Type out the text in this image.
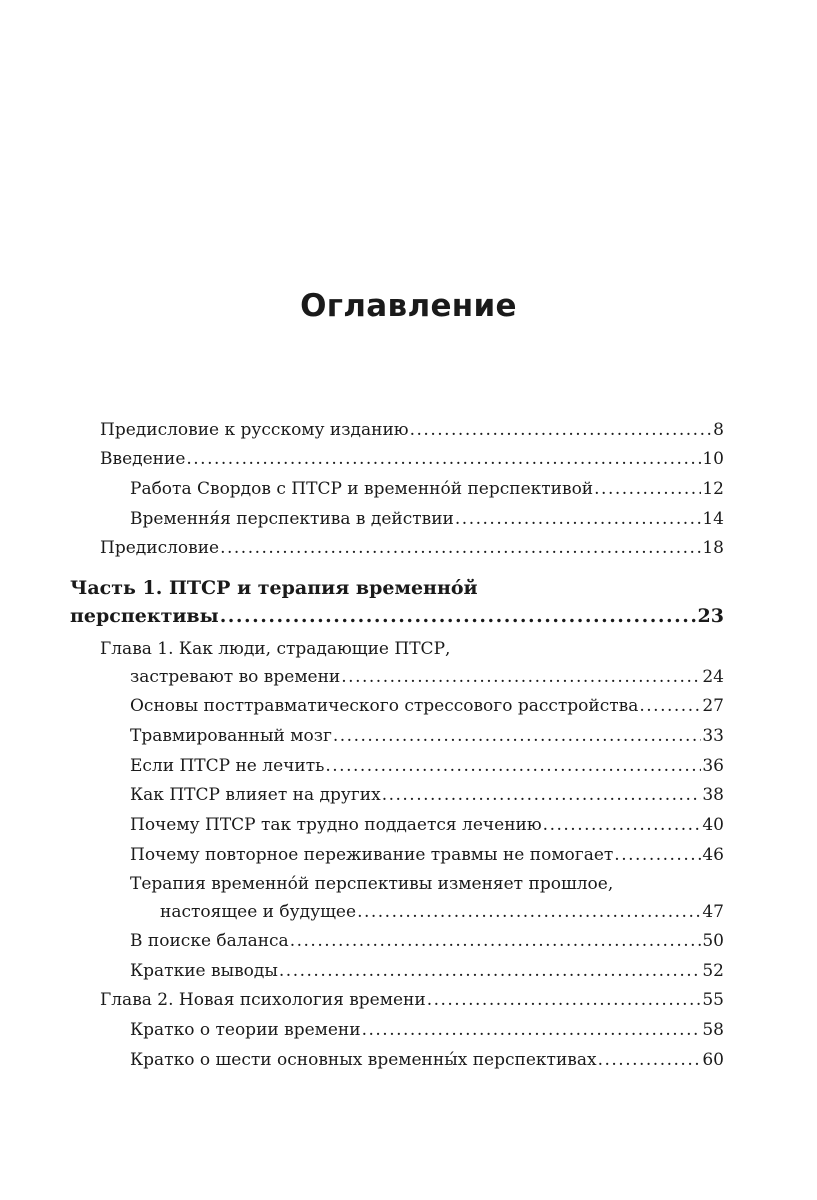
Оглавление
Предисловие к русскому изданию .....	8
Введение .....	10
Работа Свордов с ПТСР и временно́й перспективой .....	12
Времення́я перспектива в действии .....	14
Предисловие .....	18
Часть 1. ПТСР и терапия временно́й
перспективы .....	23
Глава 1. Как люди, страдающие ПТСР,
застревают во времени .....	24
Основы посттравматического стрессового расстройства .....	27
Травмированный мозг .....	33
Если ПТСР не лечить .....	36
Как ПТСР влияет на других .....	38
Почему ПТСР так трудно поддается лечению .....	40
Почему повторное переживание травмы не помогает .....	46
Терапия временно́й перспективы изменяет прошлое,
настоящее и будущее .....	47
В поиске баланса .....	50
Краткие выводы .....	52
Глава 2. Новая психология времени .....	55
Кратко о теории времени .....	58
Кратко о шести основных временны́х перспективах .....	60
